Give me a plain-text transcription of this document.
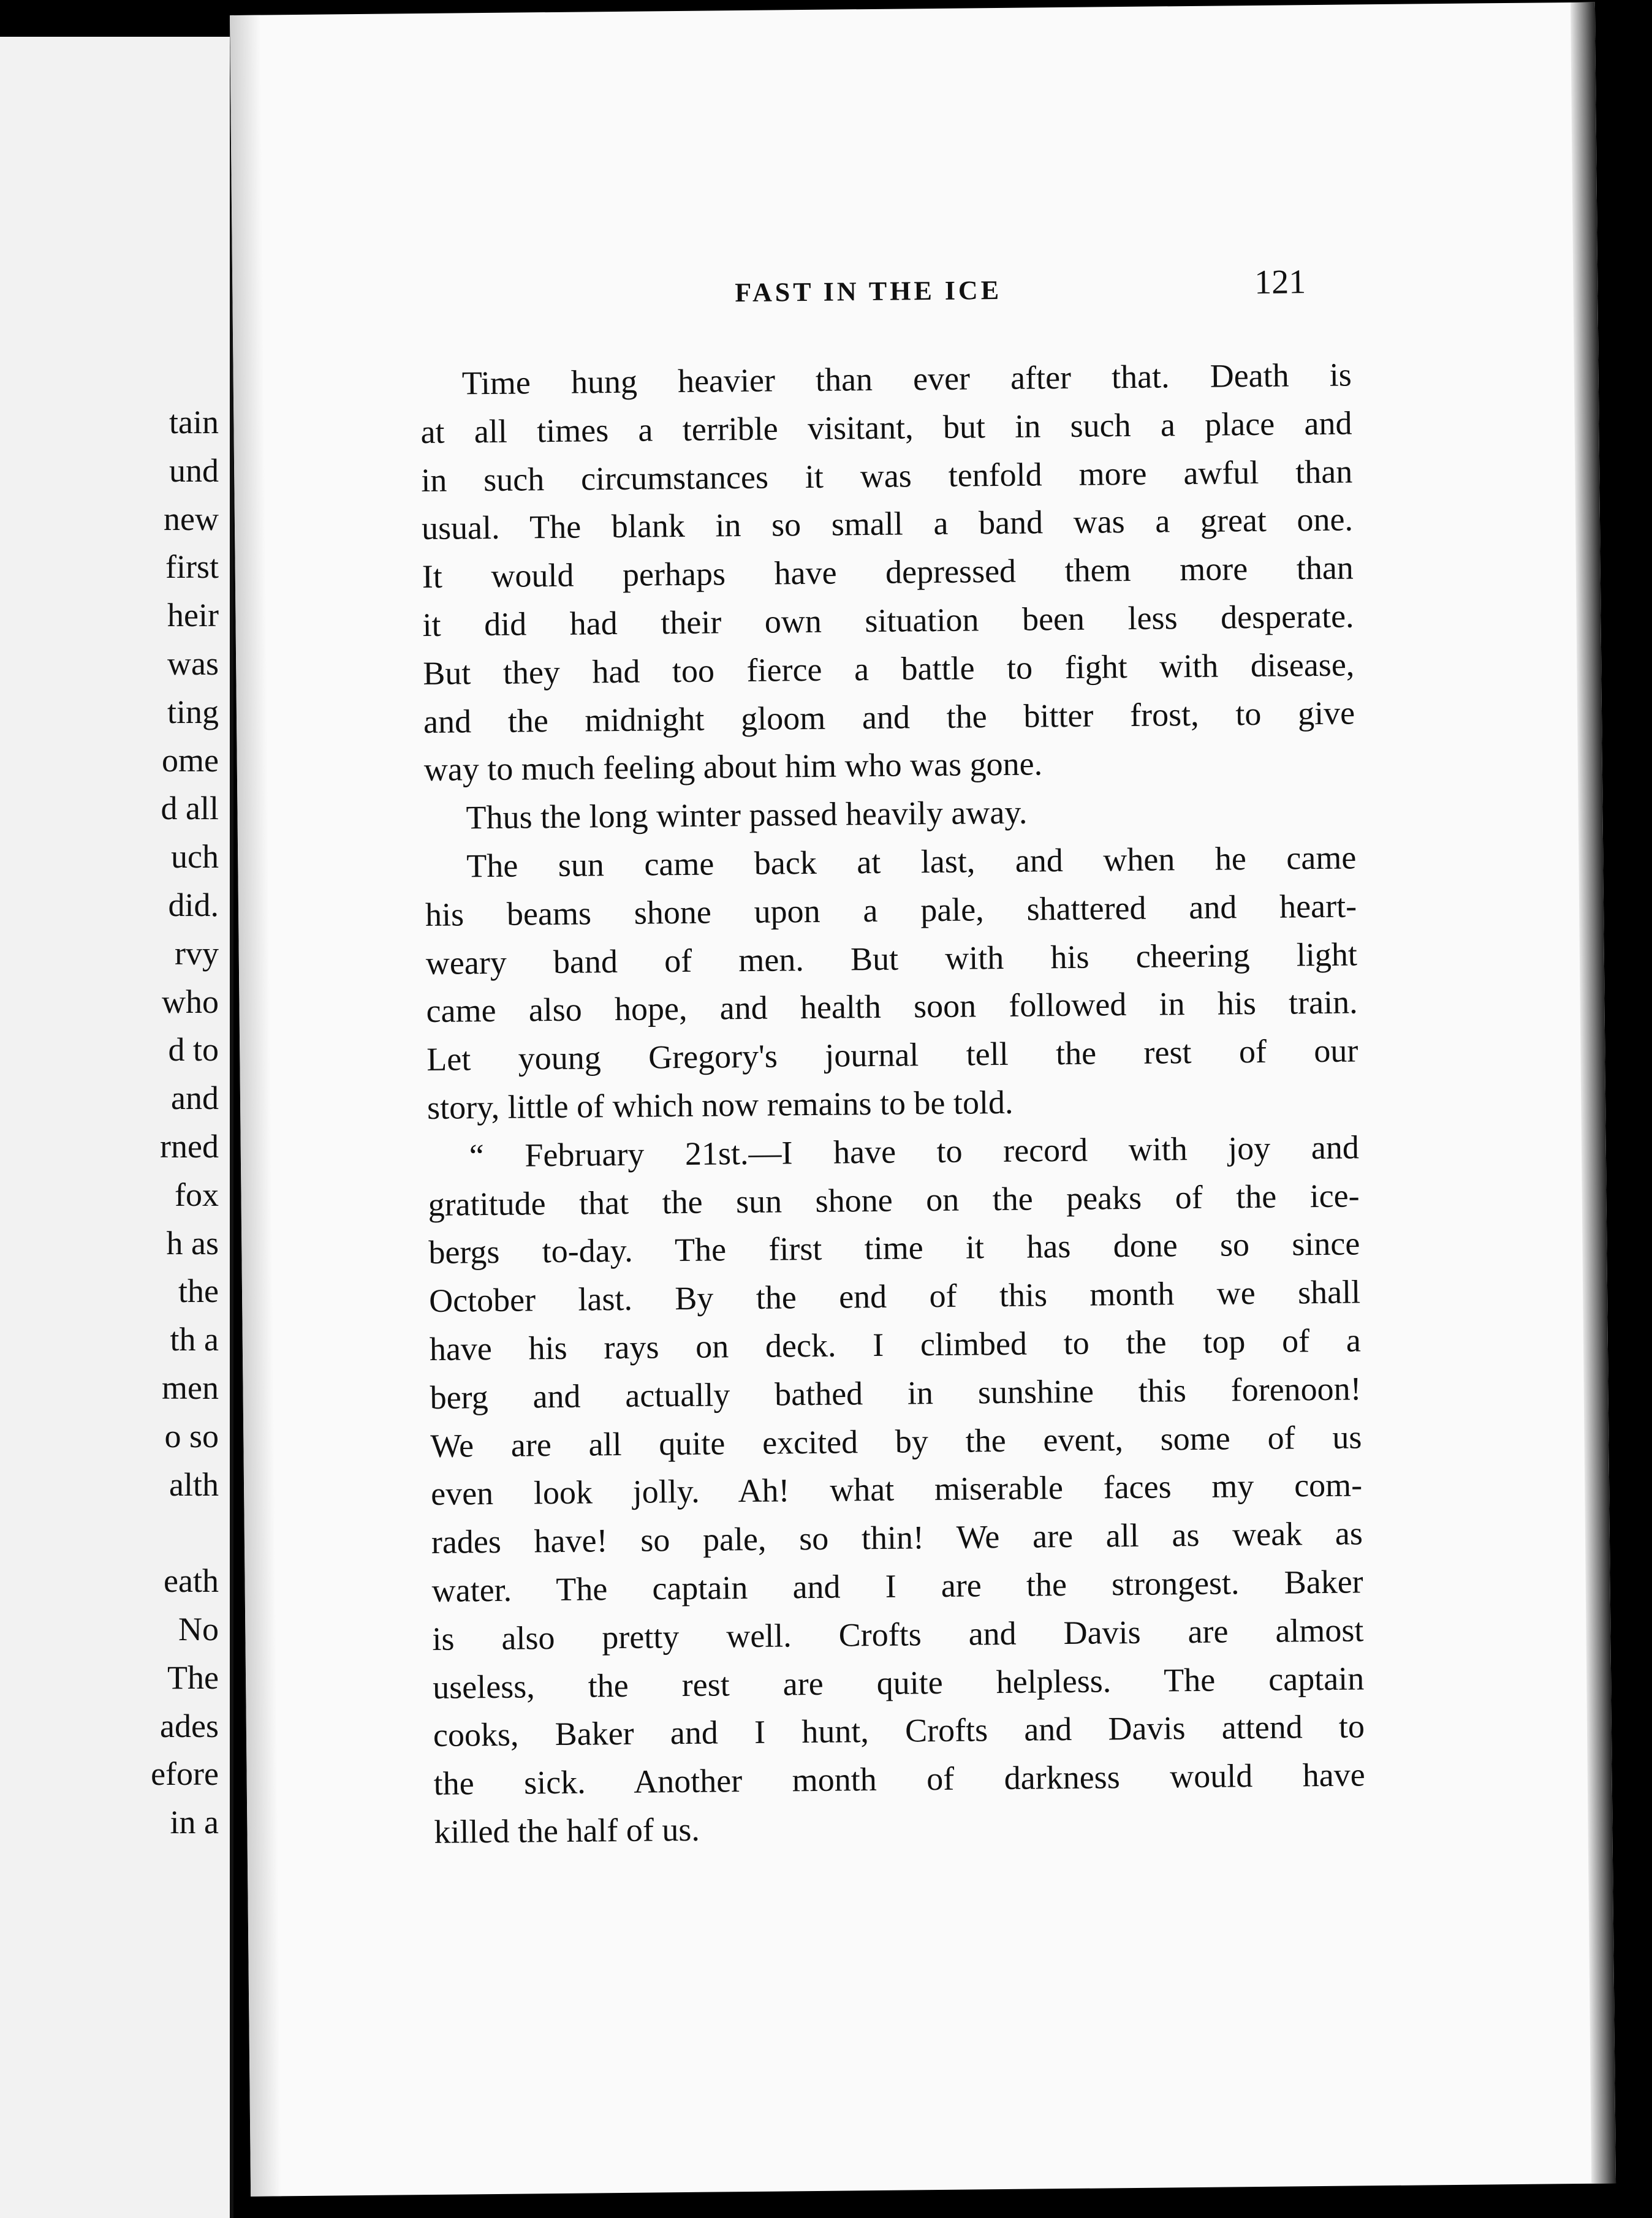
tain
und
new
first
heir
was
ting
ome
d all
uch
did.
rvy
who
d to
and
rned
fox
h as
the
th a
men
o so
alth
eath
No
The
ades
efore
in a
FAST IN THE ICE	121
Time hung heavier than ever after that. Death is
at all times a terrible visitant, but in such a place and
in such circumstances it was tenfold more awful than
usual. The blank in so small a band was a great one.
It would perhaps have depressed them more than
it did had their own situation been less desperate.
But they had too fierce a battle to fight with disease,
and the midnight gloom and the bitter frost, to give
way to much feeling about him who was gone.
Thus the long winter passed heavily away.
The sun came back at last, and when he came
his beams shone upon a pale, shattered and heart-
weary band of men. But with his cheering light
came also hope, and health soon followed in his train.
Let young Gregory's journal tell the rest of our
story, little of which now remains to be told.
“ February 21st.—I have to record with joy and
gratitude that the sun shone on the peaks of the ice-
bergs to-day. The first time it has done so since
October last. By the end of this month we shall
have his rays on deck. I climbed to the top of a
berg and actually bathed in sunshine this forenoon!
We are all quite excited by the event, some of us
even look jolly. Ah! what miserable faces my com-
rades have! so pale, so thin! We are all as weak as
water. The captain and I are the strongest. Baker
is also pretty well. Crofts and Davis are almost
useless, the rest are quite helpless. The captain
cooks, Baker and I hunt, Crofts and Davis attend to
the sick. Another month of darkness would have
killed the half of us.
